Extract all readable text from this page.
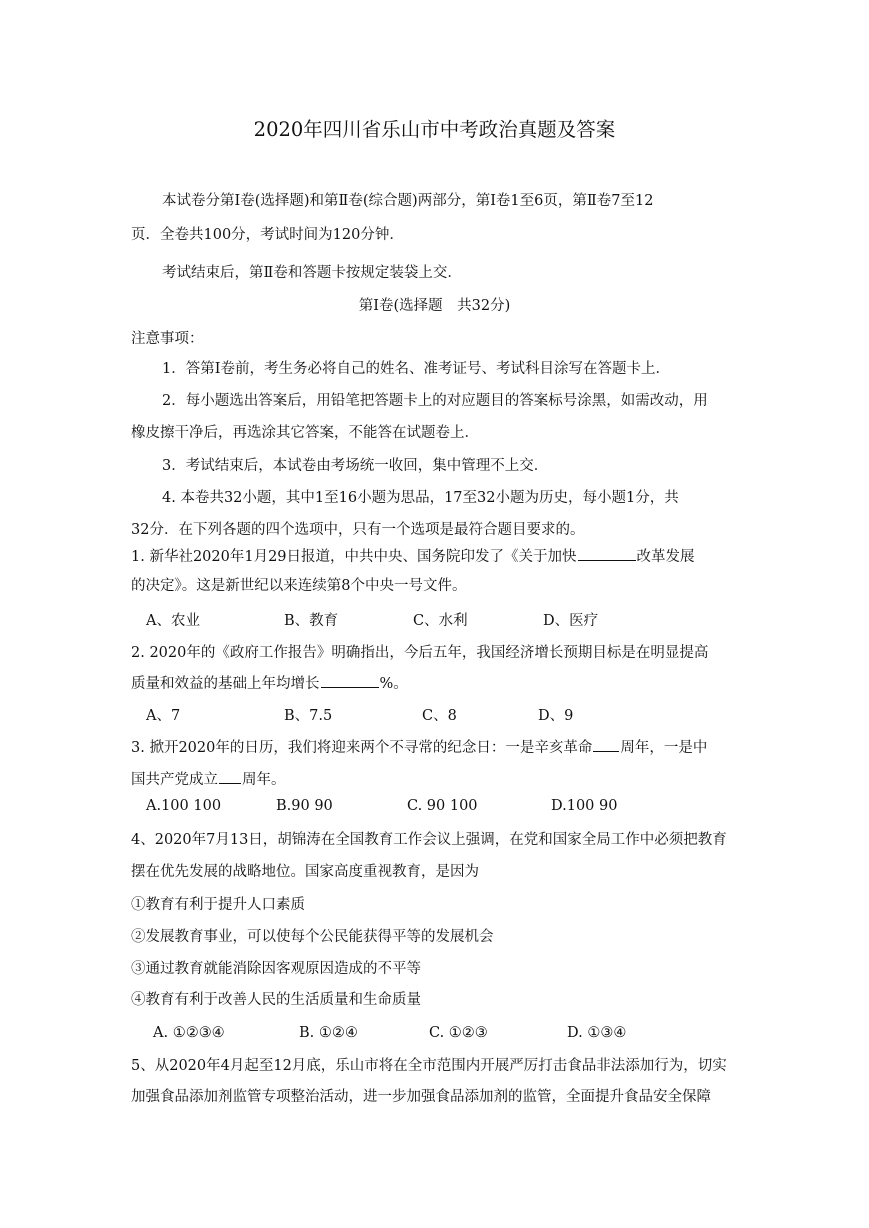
2020年四川省乐山市中考政治真题及答案
本试卷分第Ⅰ卷(选择题)和第Ⅱ卷(综合题)两部分，第Ⅰ卷1至6页，第Ⅱ卷7至12
页．全卷共100分，考试时间为120分钟．
考试结束后，第Ⅱ卷和答题卡按规定装袋上交．
第Ⅰ卷(选择题　共32分)
注意事项：
1．答第Ⅰ卷前，考生务必将自己的姓名、准考证号、考试科目涂写在答题卡上．
2．每小题选出答案后，用铅笔把答题卡上的对应题目的答案标号涂黑，如需改动，用
橡皮擦干净后，再选涂其它答案，不能答在试题卷上．
3．考试结束后，本试卷由考场统一收回，集中管理不上交．
4. 本卷共32小题，其中1至16小题为思品，17至32小题为历史，每小题1分，共
32分．在下列各题的四个选项中，只有一个选项是最符合题目要求的。
1. 新华社2020年1月29日报道，中共中央、国务院印发了《关于加快	改革发展
的决定》。这是新世纪以来连续第8个中央一号文件。
A、农业	B、教育	C、水利	D、医疗
2. 2020年的《政府工作报告》明确指出，今后五年，我国经济增长预期目标是在明显提高
质量和效益的基础上年均增长	%。
A、7	B、7.5	C、8	D、9
3. 掀开2020年的日历，我们将迎来两个不寻常的纪念日：一是辛亥革命 周年，一是中
国共产党成立 周年。
A.100 100	B.90 90	C. 90 100	D.100 90
4、2020年7月13日，胡锦涛在全国教育工作会议上强调，在党和国家全局工作中必须把教育
摆在优先发展的战略地位。国家高度重视教育，是因为
①教育有利于提升人口素质
②发展教育事业，可以使每个公民能获得平等的发展机会
③通过教育就能消除因客观原因造成的不平等
④教育有利于改善人民的生活质量和生命质量
A. ①②③④	B. ①②④	C. ①②③	D. ①③④
5、从2020年4月起至12月底，乐山市将在全市范围内开展严厉打击食品非法添加行为，切实
加强食品添加剂监管专项整治活动，进一步加强食品添加剂的监管，全面提升食品安全保障
